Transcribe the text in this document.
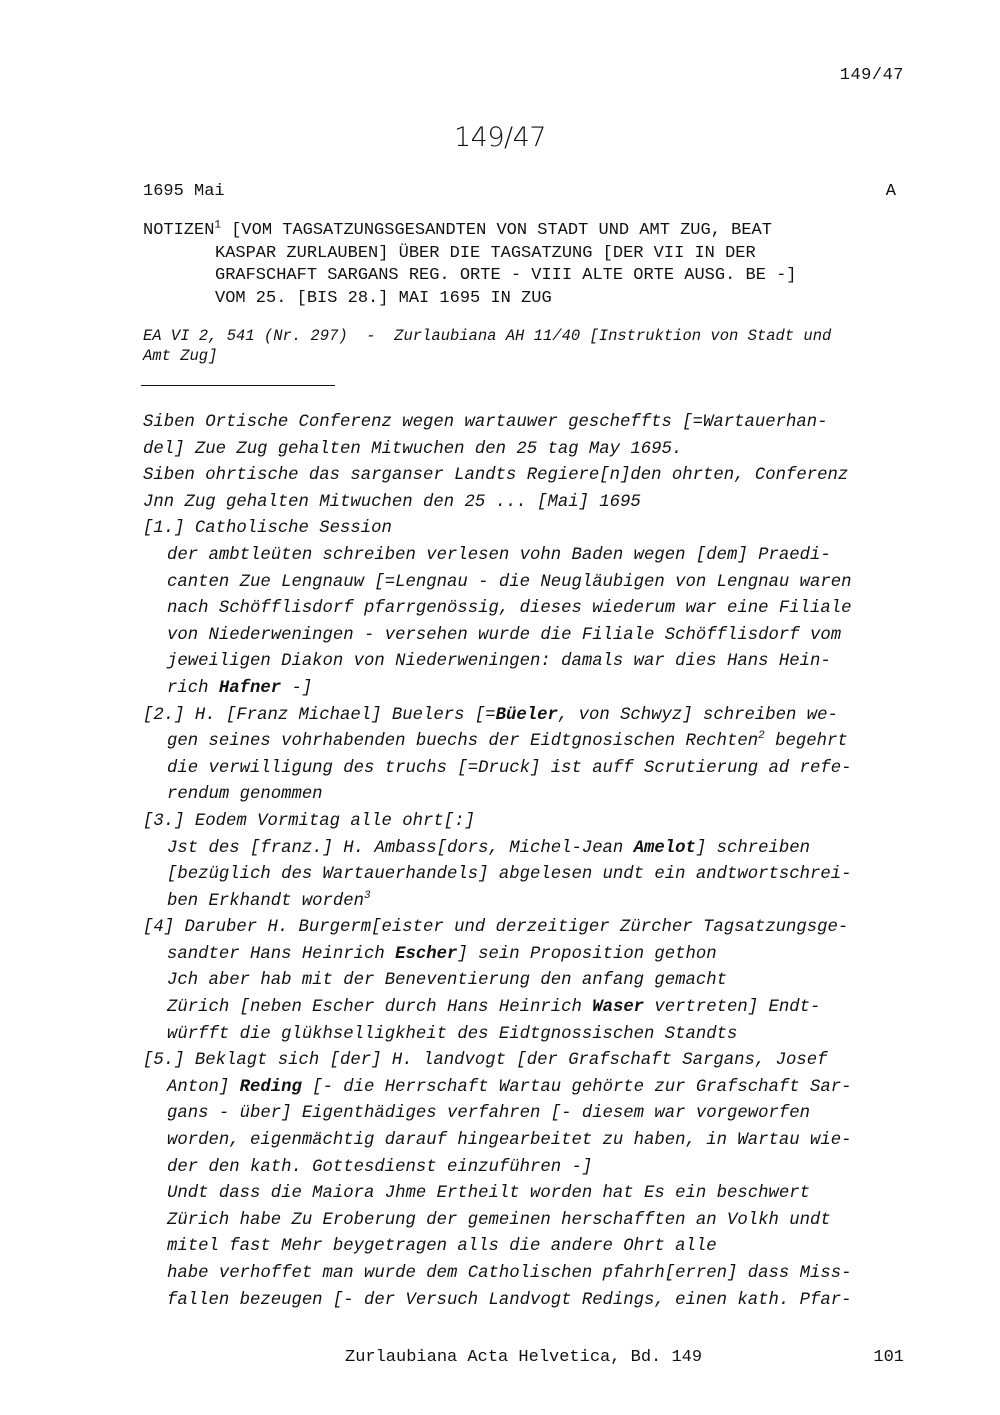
149/47
149/47
1695 Mai	A
NOTIZEN$^1$ [VOM TAGSATZUNGSGESANDTEN VON STADT UND AMT ZUG, BEAT
KASPAR ZURLAUBEN] ÜBER DIE TAGSATZUNG [DER VII IN DER
GRAFSCHAFT SARGANS REG. ORTE - VIII ALTE ORTE AUSG. BE -]
VOM 25. [BIS 28.] MAI 1695 IN ZUG
EA VI 2, 541 (Nr. 297)  -  Zurlaubiana AH 11/40 [Instruktion von Stadt und
Amt Zug]
Siben Ortische Conferenz wegen wartauwer gescheffts [=Wartauerhan-
del] Zue Zug gehalten Mitwuchen den 25 tag May 1695.
Siben ohrtische das sarganser Landts Regiere[n]den ohrten, Conferenz
Jnn Zug gehalten Mitwuchen den 25 ... [Mai] 1695
[1.] Catholische Session
der ambtleüten schreiben verlesen vohn Baden wegen [dem] Praedi-
canten Zue Lengnauw [=Lengnau - die Neugläubigen von Lengnau waren
nach Schöfflisdorf pfarrgenössig, dieses wiederum war eine Filiale
von Niederweningen - versehen wurde die Filiale Schöfflisdorf vom
jeweiligen Diakon von Niederweningen: damals war dies Hans Hein-
rich Hafner -]
[2.] H. [Franz Michael] Buelers [=Büeler, von Schwyz] schreiben we-
gen seines vohrhabenden buechs der Eidtgnosischen Rechten$^2$ begehrt
die verwilligung des truchs [=Druck] ist auff Scrutierung ad refe-
rendum genommen
[3.] Eodem Vormitag alle ohrt[:]
Jst des [franz.] H. Ambass[dors, Michel-Jean Amelot] schreiben
[bezüglich des Wartauerhandels] abgelesen undt ein andtwortschrei-
ben Erkhandt worden$^3$
[4] Daruber H. Burgerm[eister und derzeitiger Zürcher Tagsatzungsge-
sandter Hans Heinrich Escher] sein Proposition gethon
Jch aber hab mit der Beneventierung den anfang gemacht
Zürich [neben Escher durch Hans Heinrich Waser vertreten] Endt-
würfft die glükhselligkheit des Eidtgnossischen Standts
[5.] Beklagt sich [der] H. landvogt [der Grafschaft Sargans, Josef
Anton] Reding [- die Herrschaft Wartau gehörte zur Grafschaft Sar-
gans - über] Eigenthädiges verfahren [- diesem war vorgeworfen
worden, eigenmächtig darauf hingearbeitet zu haben, in Wartau wie-
der den kath. Gottesdienst einzuführen -]
Undt dass die Maiora Jhme Ertheilt worden hat Es ein beschwert
Zürich habe Zu Eroberung der gemeinen herschafften an Volkh undt
mitel fast Mehr beygetragen alls die andere Ohrt alle
habe verhoffet man wurde dem Catholischen pfahrh[erren] dass Miss-
fallen bezeugen [- der Versuch Landvogt Redings, einen kath. Pfar-
Zurlaubiana Acta Helvetica, Bd. 149	101
